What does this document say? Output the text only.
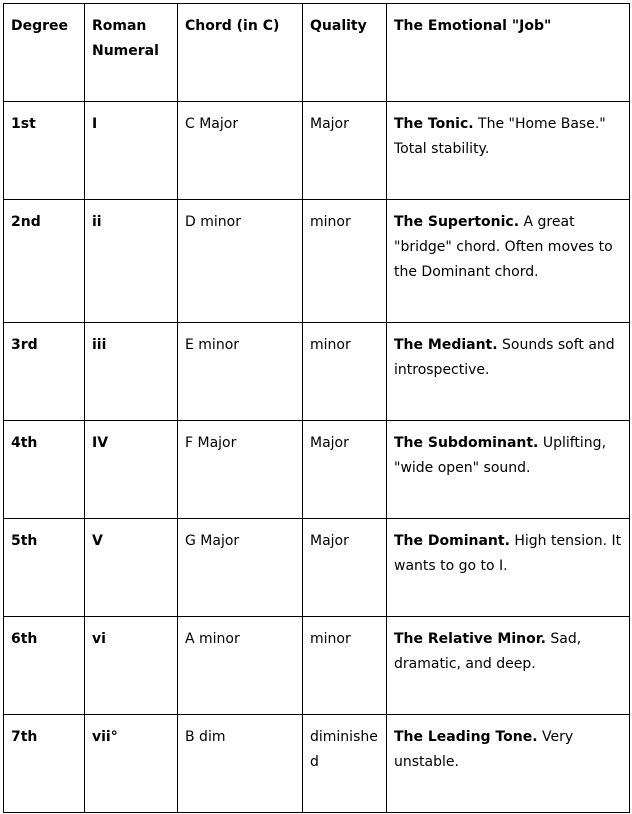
Degree	Roman Numeral	Chord (in C)	Quality	The Emotional "Job"
1st	I	C Major	Major	The Tonic. The "Home Base." Total stability.
2nd	ii	D minor	minor	The Supertonic. A great "bridge" chord. Often moves to the Dominant chord.
3rd	iii	E minor	minor	The Mediant. Sounds soft and introspective.
4th	IV	F Major	Major	The Subdominant. Uplifting, "wide open" sound.
5th	V	G Major	Major	The Dominant. High tension. It wants to go to I.
6th	vi	A minor	minor	The Relative Minor. Sad, dramatic, and deep.
7th	vii°	B dim	diminished	The Leading Tone. Very unstable.
